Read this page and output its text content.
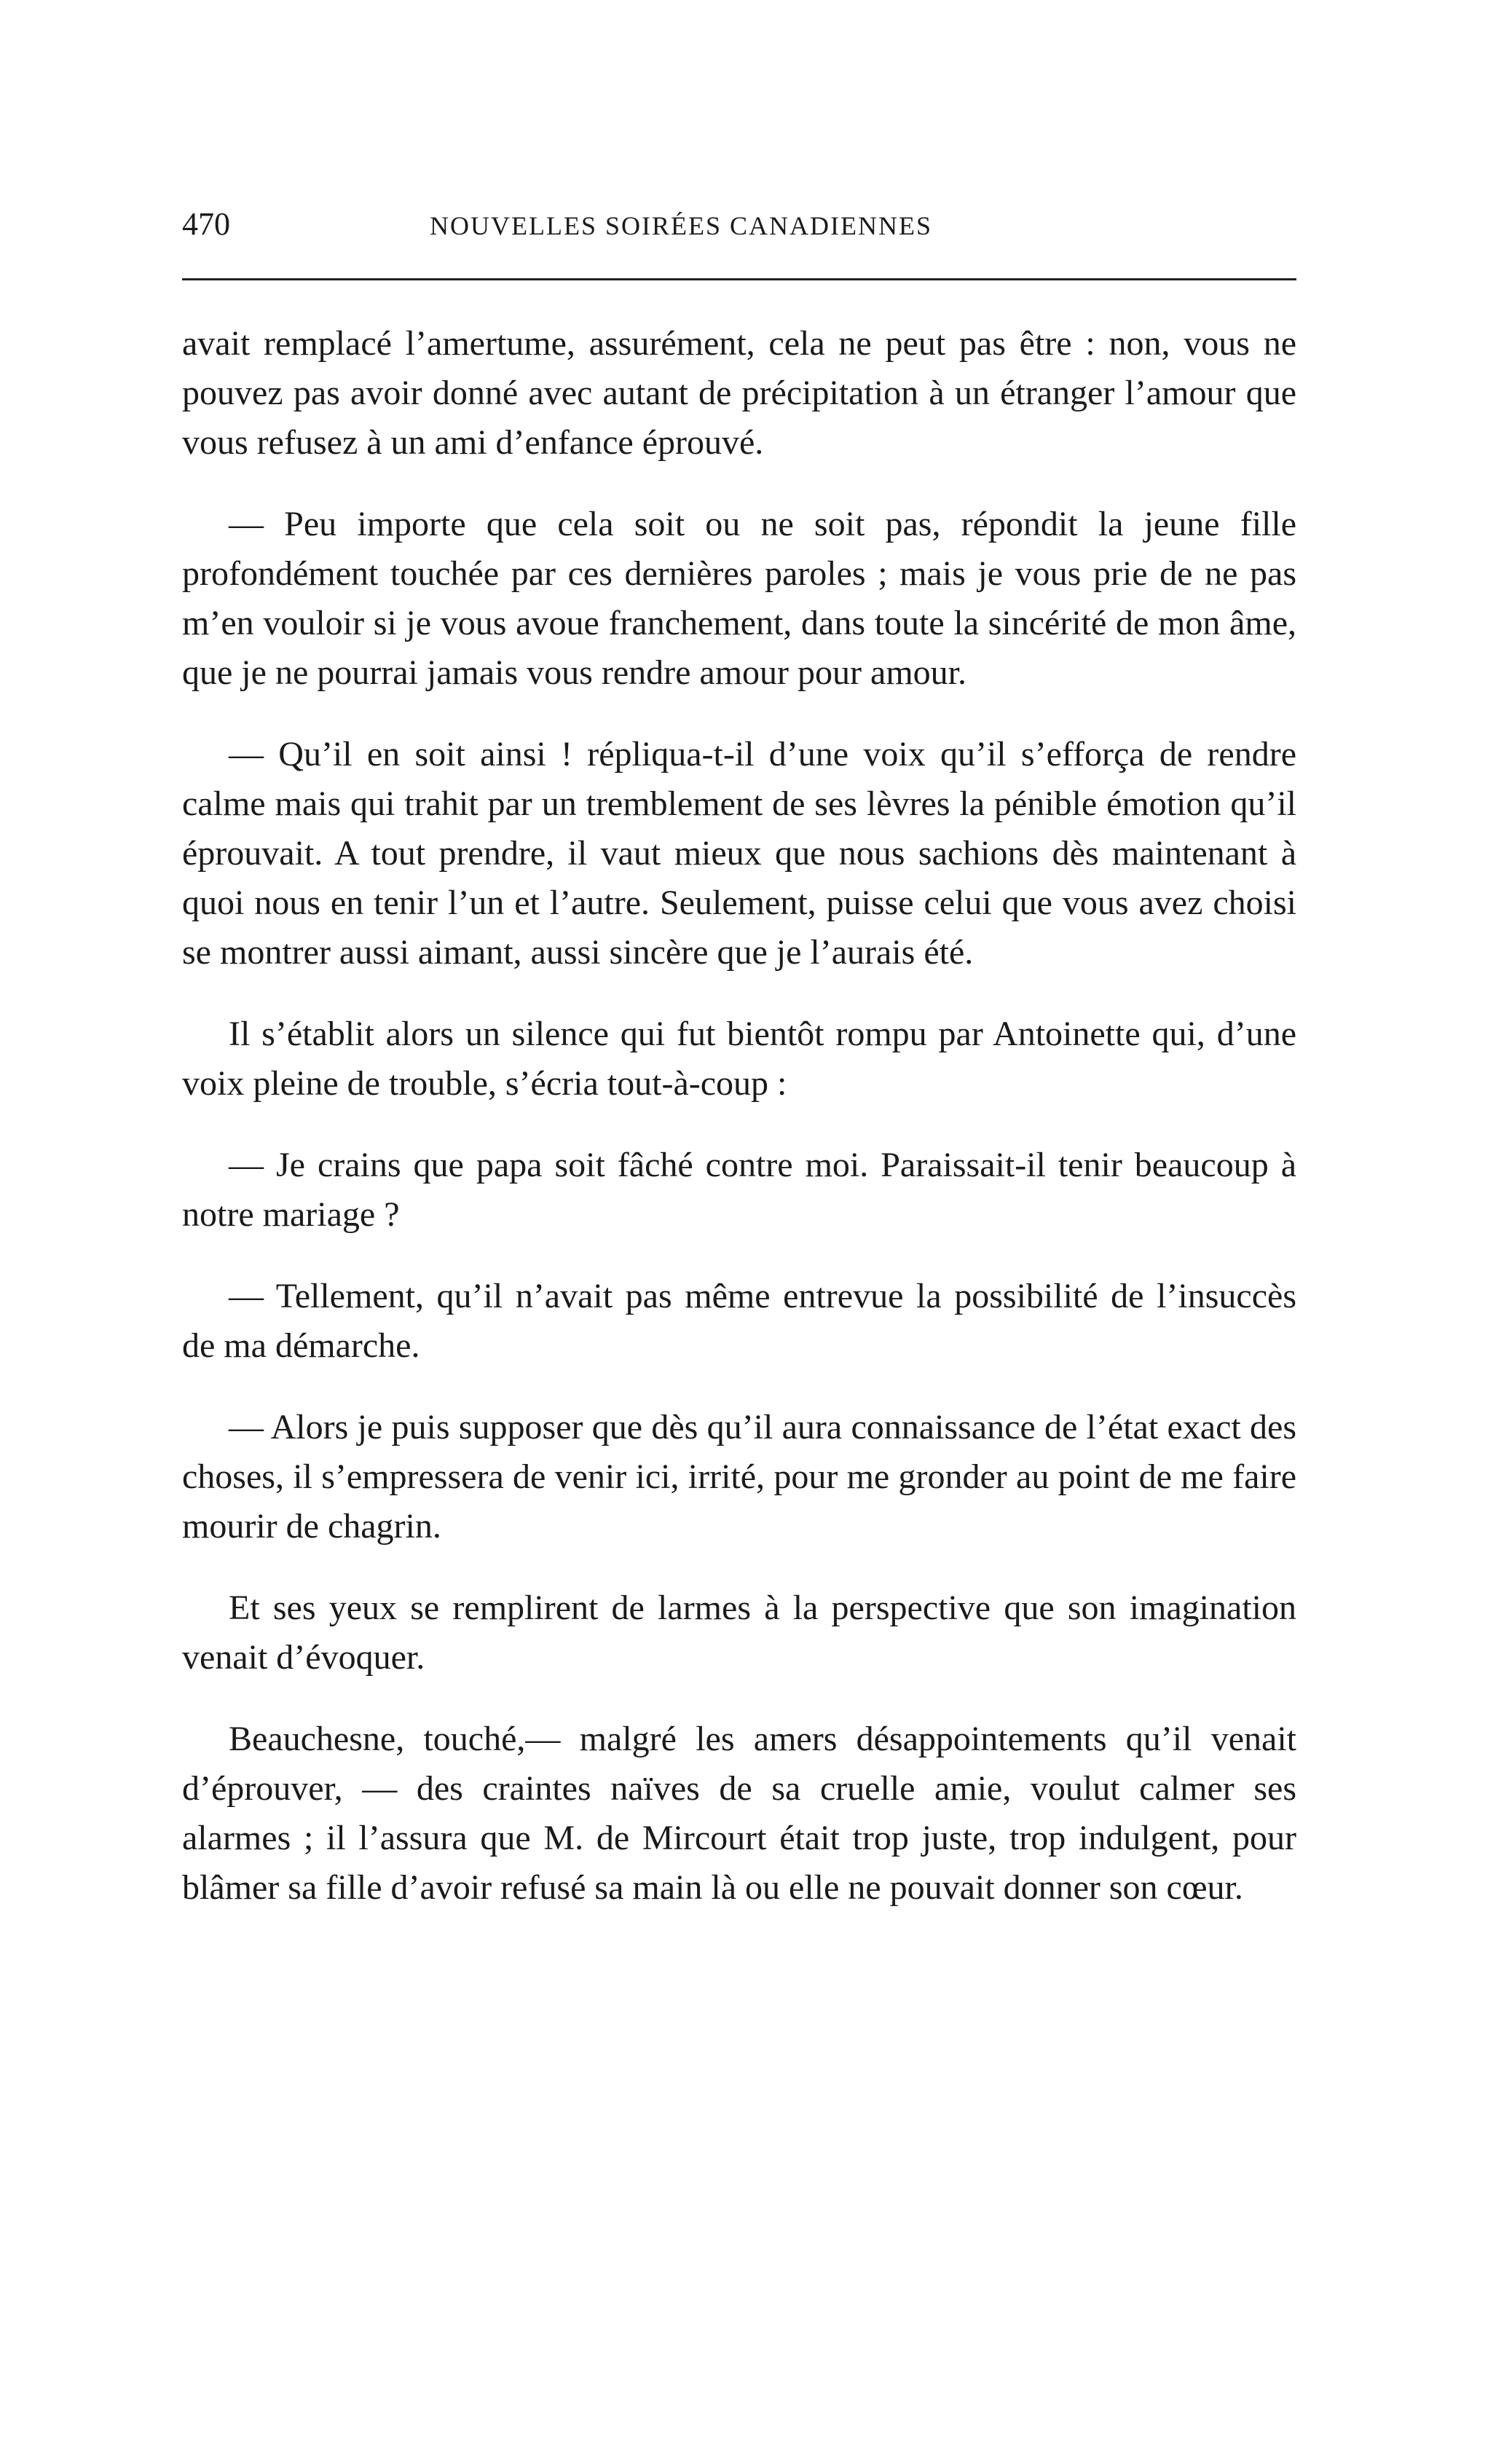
470	NOUVELLES SOIRÉES CANADIENNES

avait remplacé l’amertume, assurément, cela ne peut pas être : non, vous ne pouvez pas avoir donné avec autant de précipitation à un étranger l’amour que vous refusez à un ami d’enfance éprouvé.

— Peu importe que cela soit ou ne soit pas, répondit la jeune fille profondément touchée par ces dernières paroles ; mais je vous prie de ne pas m’en vouloir si je vous avoue franchement, dans toute la sincérité de mon âme, que je ne pourrai jamais vous rendre amour pour amour.

— Qu’il en soit ainsi ! répliqua-t-il d’une voix qu’il s’efforça de rendre calme mais qui trahit par un tremblement de ses lèvres la pénible émotion qu’il éprouvait. A tout prendre, il vaut mieux que nous sachions dès maintenant à quoi nous en tenir l’un et l’autre. Seulement, puisse celui que vous avez choisi se montrer aussi aimant, aussi sincère que je l’aurais été.

Il s’établit alors un silence qui fut bientôt rompu par Antoinette qui, d’une voix pleine de trouble, s’écria tout-à-coup :

— Je crains que papa soit fâché contre moi. Paraissait-il tenir beaucoup à notre mariage ?

— Tellement, qu’il n’avait pas même entrevue la possibilité de l’insuccès de ma démarche.

— Alors je puis supposer que dès qu’il aura connaissance de l’état exact des choses, il s’empressera de venir ici, irrité, pour me gronder au point de me faire mourir de chagrin.

Et ses yeux se remplirent de larmes à la perspective que son imagination venait d’évoquer.

Beauchesne, touché,— malgré les amers désappointements qu’il venait d’éprouver, — des craintes naïves de sa cruelle amie, voulut calmer ses alarmes ; il l’assura que M. de Mircourt était trop juste, trop indulgent, pour blâmer sa fille d’avoir refusé sa main là ou elle ne pouvait donner son cœur.
